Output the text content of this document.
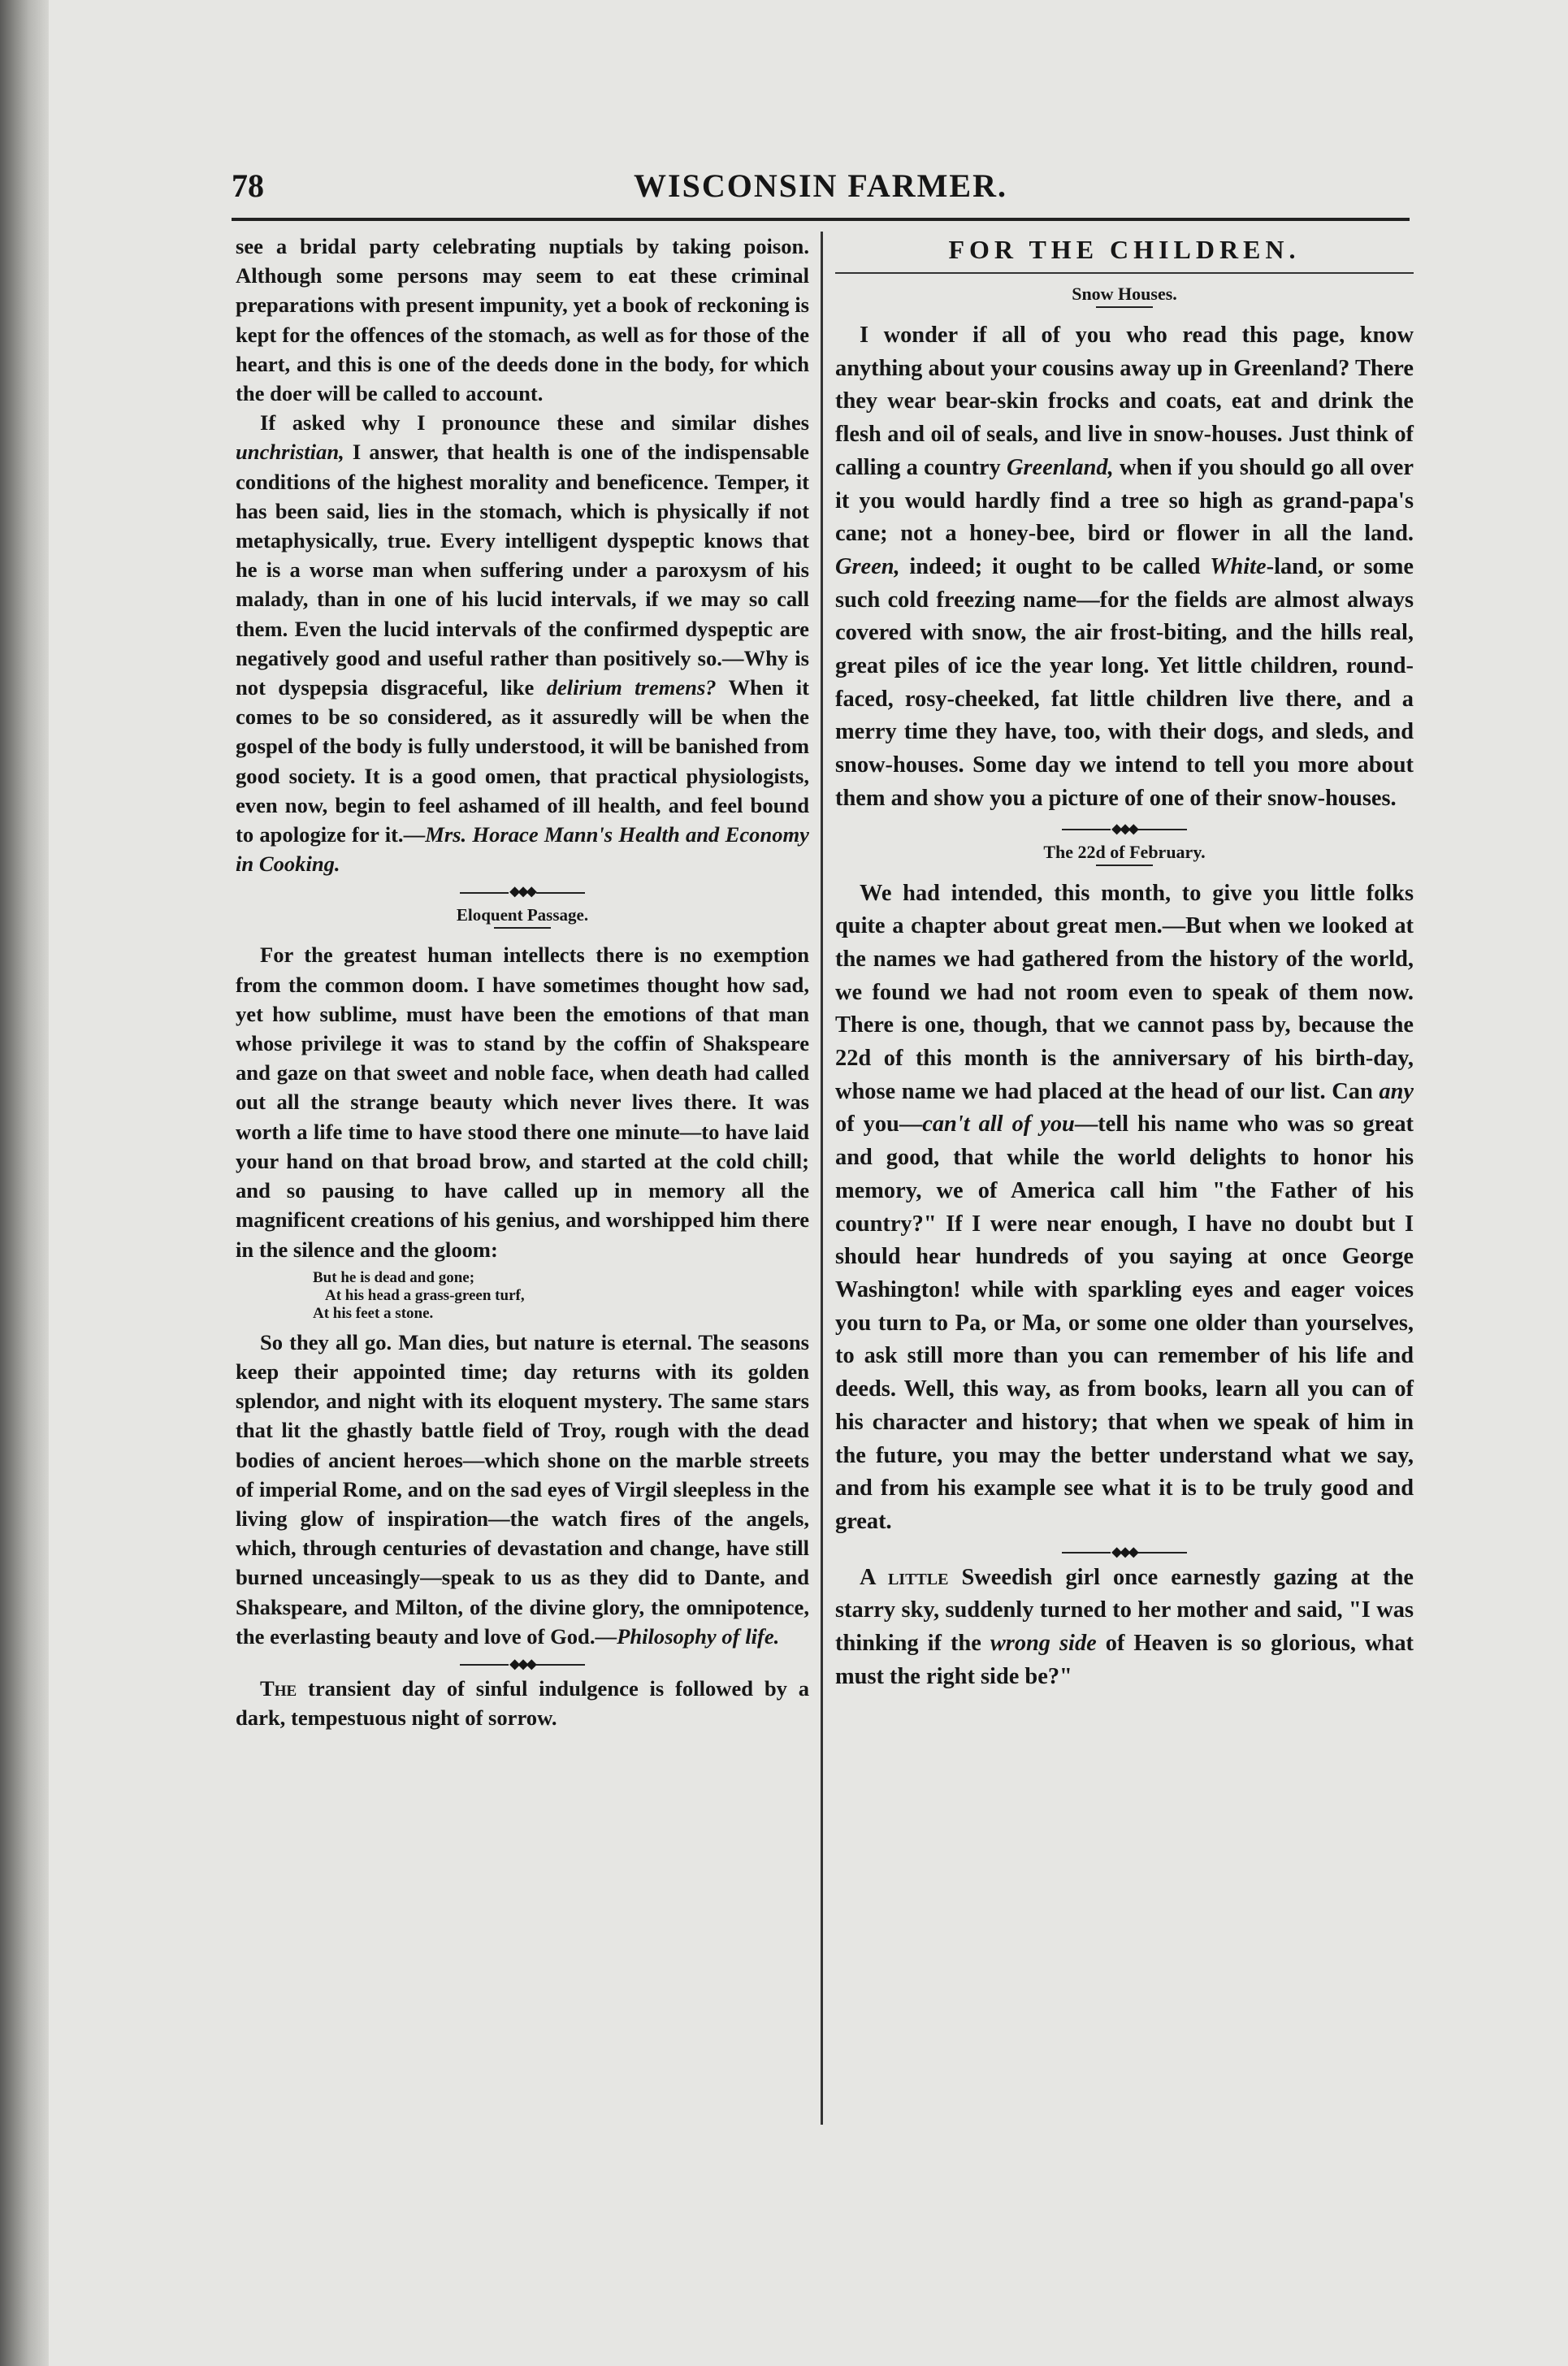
78	WISCONSIN FARMER.

see a bridal party celebrating nuptials by taking poison. Although some persons may seem to eat these criminal preparations with present impunity, yet a book of reckoning is kept for the offences of the stomach, as well as for those of the heart, and this is one of the deeds done in the body, for which the doer will be called to account.

If asked why I pronounce these and similar dishes unchristian, I answer, that health is one of the indispensable conditions of the highest morality and beneficence. Temper, it has been said, lies in the stomach, which is physically if not metaphysically, true. Every intelligent dyspeptic knows that he is a worse man when suffering under a paroxysm of his malady, than in one of his lucid intervals, if we may so call them. Even the lucid intervals of the confirmed dyspeptic are negatively good and useful rather than positively so.—Why is not dyspepsia disgraceful, like delirium tremens? When it comes to be so considered, as it assuredly will be when the gospel of the body is fully understood, it will be banished from good society. It is a good omen, that practical physiologists, even now, begin to feel ashamed of ill health, and feel bound to apologize for it.—Mrs. Horace Mann's Health and Economy in Cooking.

◆◆◆
Eloquent Passage.

For the greatest human intellects there is no exemption from the common doom. I have sometimes thought how sad, yet how sublime, must have been the emotions of that man whose privilege it was to stand by the coffin of Shakspeare and gaze on that sweet and noble face, when death had called out all the strange beauty which never lives there. It was worth a life time to have stood there one minute—to have laid your hand on that broad brow, and started at the cold chill; and so pausing to have called up in memory all the magnificent creations of his genius, and worshipped him there in the silence and the gloom:

But he is dead and gone;
At his head a grass-green turf,
At his feet a stone.

So they all go. Man dies, but nature is eternal. The seasons keep their appointed time; day returns with its golden splendor, and night with its eloquent mystery. The same stars that lit the ghastly battle field of Troy, rough with the dead bodies of ancient heroes—which shone on the marble streets of imperial Rome, and on the sad eyes of Virgil sleepless in the living glow of inspiration—the watch fires of the angels, which, through centuries of devastation and change, have still burned unceasingly—speak to us as they did to Dante, and Shakspeare, and Milton, of the divine glory, the omnipotence, the everlasting beauty and love of God.—Philosophy of life.

◆◆◆

The transient day of sinful indulgence is followed by a dark, tempestuous night of sorrow.

FOR THE CHILDREN.
Snow Houses.

I wonder if all of you who read this page, know anything about your cousins away up in Greenland? There they wear bear-skin frocks and coats, eat and drink the flesh and oil of seals, and live in snow-houses. Just think of calling a country Greenland, when if you should go all over it you would hardly find a tree so high as grand-papa's cane; not a honey-bee, bird or flower in all the land. Green, indeed; it ought to be called White-land, or some such cold freezing name—for the fields are almost always covered with snow, the air frost-biting, and the hills real, great piles of ice the year long. Yet little children, round-faced, rosy-cheeked, fat little children live there, and a merry time they have, too, with their dogs, and sleds, and snow-houses. Some day we intend to tell you more about them and show you a picture of one of their snow-houses.

◆◆◆
The 22d of February.

We had intended, this month, to give you little folks quite a chapter about great men.—But when we looked at the names we had gathered from the history of the world, we found we had not room even to speak of them now. There is one, though, that we cannot pass by, because the 22d of this month is the anniversary of his birth-day, whose name we had placed at the head of our list. Can any of you—can't all of you—tell his name who was so great and good, that while the world delights to honor his memory, we of America call him "the Father of his country?" If I were near enough, I have no doubt but I should hear hundreds of you saying at once George Washington! while with sparkling eyes and eager voices you turn to Pa, or Ma, or some one older than yourselves, to ask still more than you can remember of his life and deeds. Well, this way, as from books, learn all you can of his character and history; that when we speak of him in the future, you may the better understand what we say, and from his example see what it is to be truly good and great.

◆◆◆

A little Sweedish girl once earnestly gazing at the starry sky, suddenly turned to her mother and said, "I was thinking if the wrong side of Heaven is so glorious, what must the right side be?"
